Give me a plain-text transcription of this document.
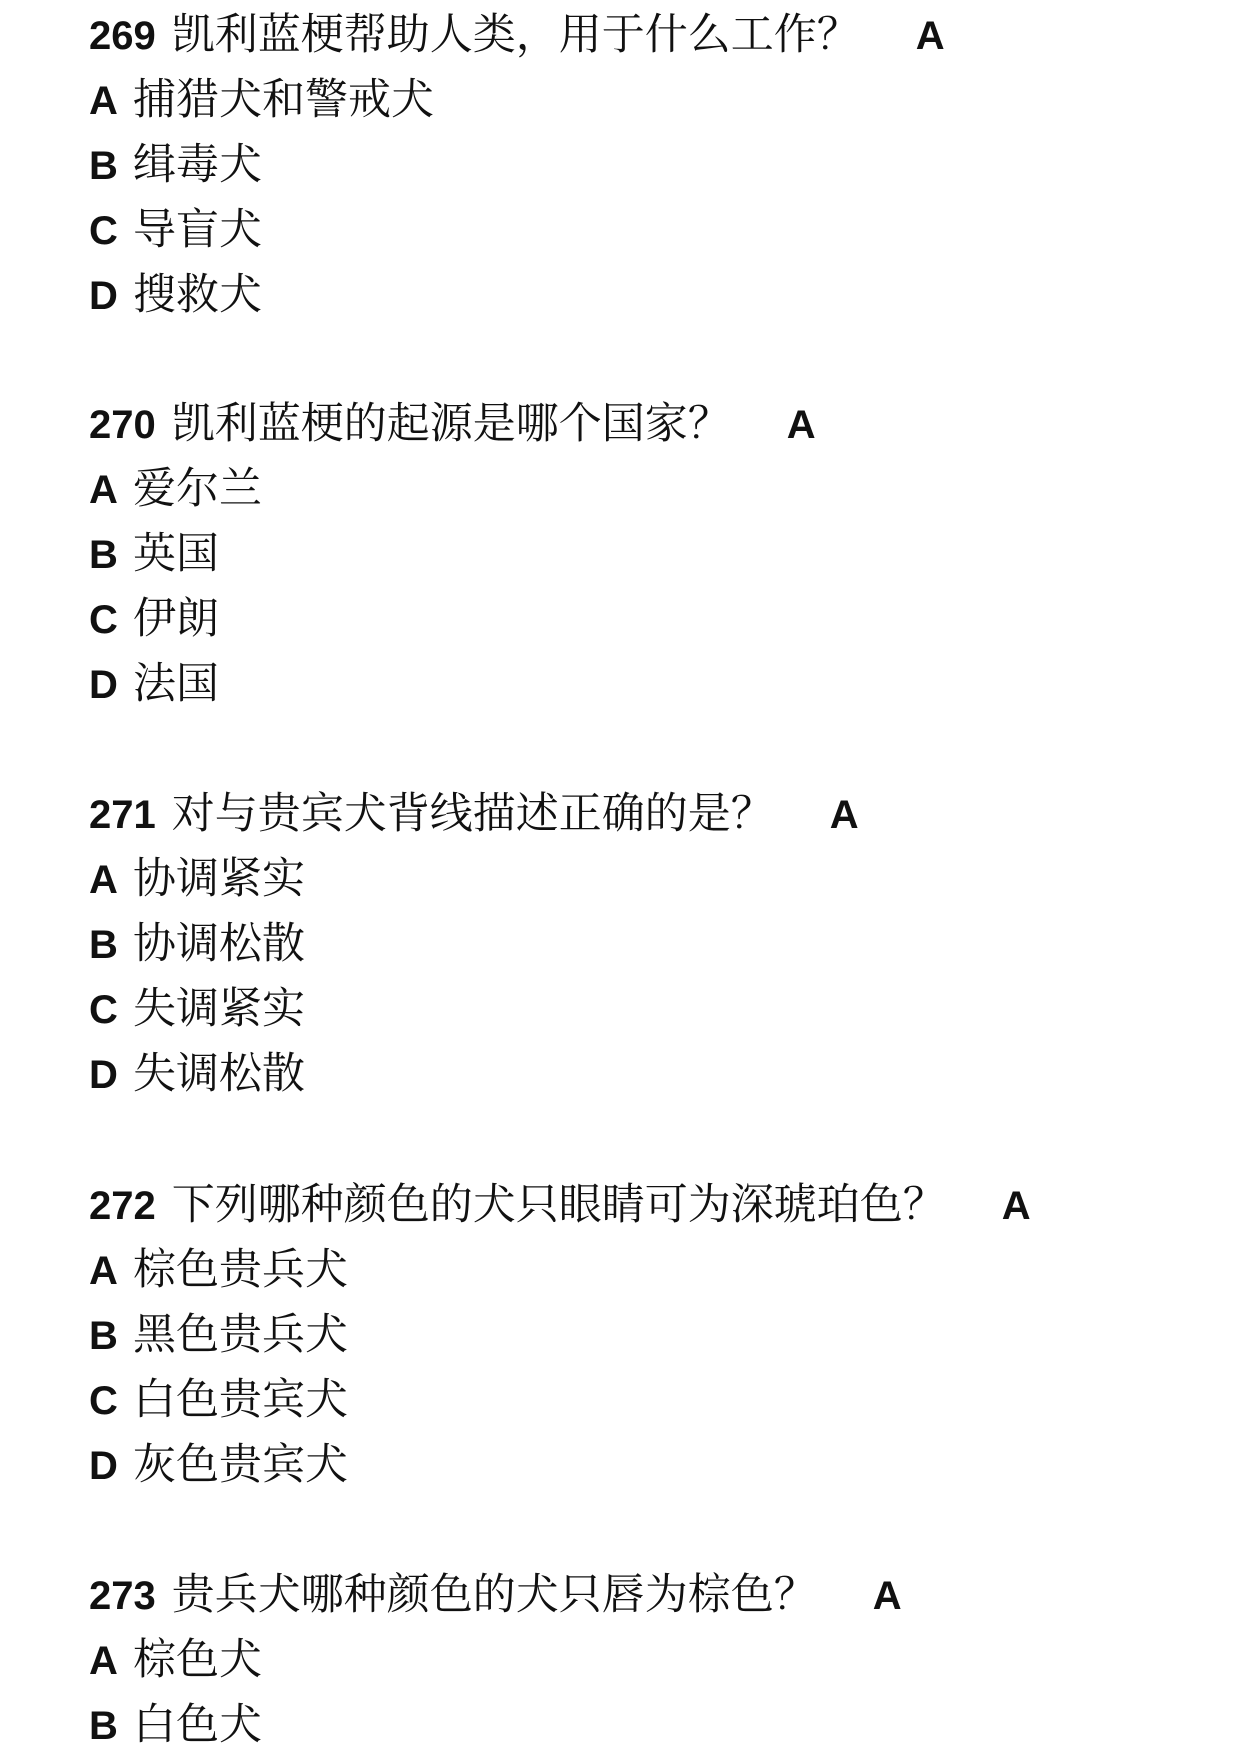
269 凯利蓝梗帮助人类，用于什么工作？ A
A 捕猎犬和警戒犬
B 缉毒犬
C 导盲犬
D 搜救犬
270 凯利蓝梗的起源是哪个国家？ A
A 爱尔兰
B 英国
C 伊朗
D 法国
271 对与贵宾犬背线描述正确的是？ A
A 协调紧实
B 协调松散
C 失调紧实
D 失调松散
272 下列哪种颜色的犬只眼睛可为深琥珀色？ A
A 棕色贵兵犬
B 黑色贵兵犬
C 白色贵宾犬
D 灰色贵宾犬
273 贵兵犬哪种颜色的犬只唇为棕色？ A
A 棕色犬
B 白色犬
